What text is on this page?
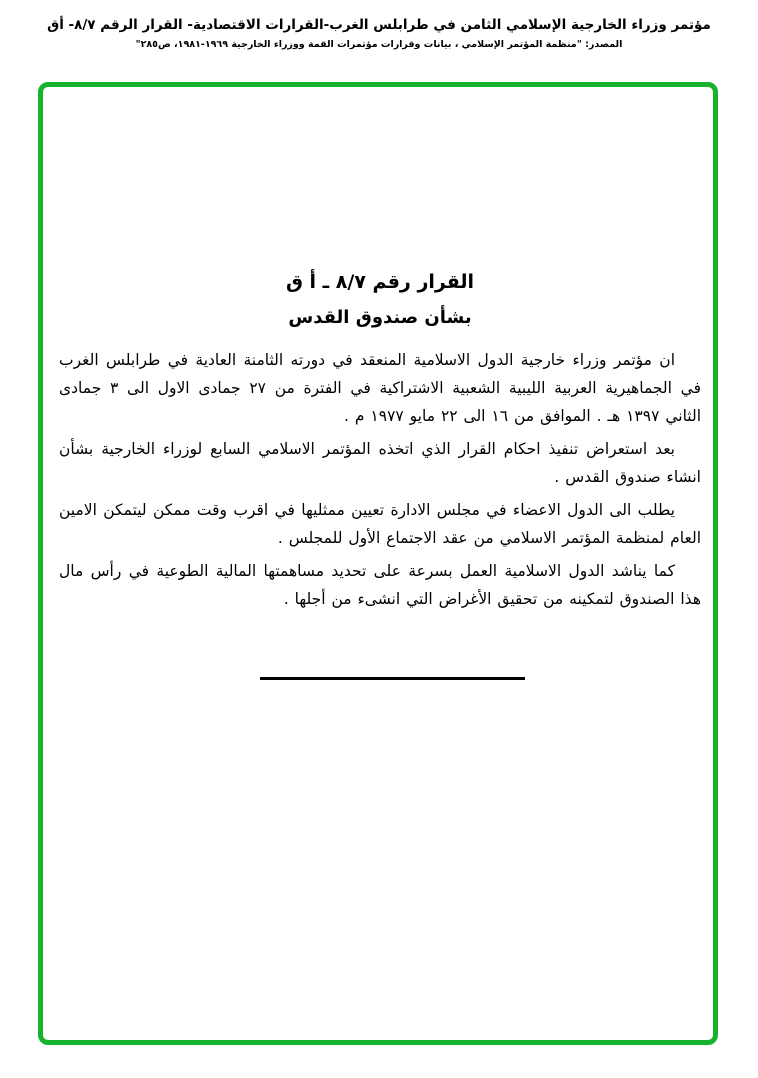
مؤتمر وزراء الخارجية الإسلامي الثامن في طرابلس الغرب-القرارات الاقتصادية- القرار الرقم ٨/٧- أق
المصدر: "منظمة المؤتمر الإسلامي ، بيانات وقرارات مؤتمرات القمة ووزراء الخارجية ١٩٦٩-١٩٨١، ص٢٨٥"
القرار رقم ٨/٧ ـ أ ق
بشأن صندوق القدس

ان مؤتمر وزراء خارجية الدول الاسلامية المنعقد في دورته الثامنة العادية في طرابلس الغرب في الجماهيرية العربية الليبية الشعبية الاشتراكية في الفترة من ٢٧ جمادى الاول الى ٣ جمادى الثاني ١٣٩٧ هـ . الموافق من ١٦ الى ٢٢ مايو ١٩٧٧ م .

بعد استعراض تنفيذ احكام القرار الذي اتخذه المؤتمر الاسلامي السابع لوزراء الخارجية بشأن انشاء صندوق القدس .

يطلب الى الدول الاعضاء في مجلس الادارة تعيين ممثليها في اقرب وقت ممكن ليتمكن الامين العام لمنظمة المؤتمر الاسلامي من عقد الاجتماع الأول للمجلس .

كما يناشد الدول الاسلامية العمل بسرعة على تحديد مساهمتها المالية الطوعية في رأس مال هذا الصندوق لتمكينه من تحقيق الأغراض التي انشىء من أجلها .
